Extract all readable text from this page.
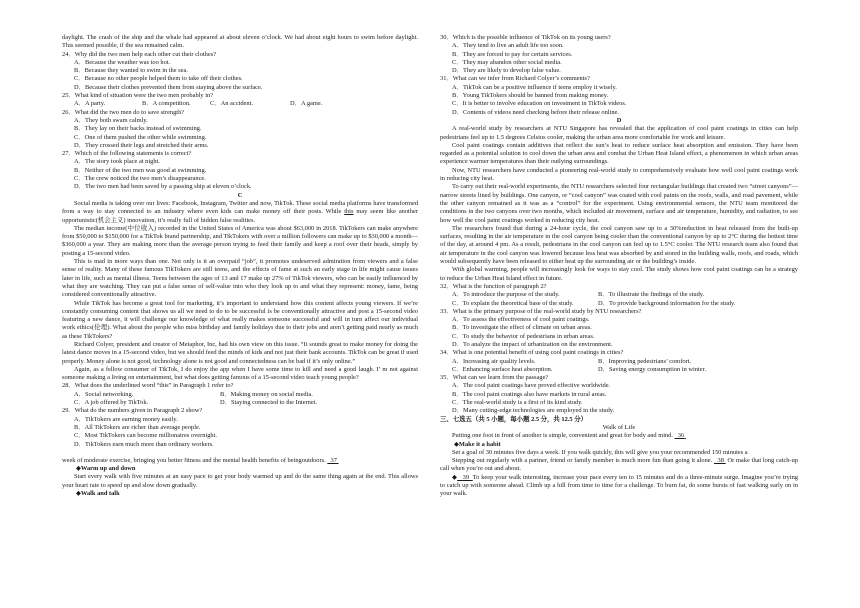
daylight. The crash of the ship and the whale had appeared at about eleven o’clock. We had about eight hours to swim before daylight. This seemed possible, if the sea remained calm.

24．Why did the two men help each other cut their clothes?

A．Because the weather was too hot.

B．Because they wanted to swim in the sea.

C．Because no other people helped them to take off their clothes.

D．Because their clothes prevented them from staying above the surface.

25．What kind of situation were the two men probably in?

A．A party.	B．A competition.	C．An accident.	D．A game.

26．What did the two men do to save strength?

A．They both swam calmly.

B．They lay on their backs instead of swimming.

C．One of them pushed the other while swimming.

D．They crossed their legs and stretched their arms.

27．Which of the following statements is correct?

A．The story took place at night.

B．Neither of the two men was good at swimming.

C．The crew noticed the two men’s disappearance.

D．The two men had been saved by a passing ship at eleven o’clock.

C

Social media is taking over our lives: Facebook, Instagram, Twitter and now, TikTok. These social media platforms have transformed from a way to stay connected to an industry where even kids can make money off their posts. While this may seem like another opportunistic(机会主义) innovation, it’s really full of hidden false realities.

The median income(中位收入) recorded in the United States of America was about $63,000 in 2018. TikTokers can make anywhere from $50,000 to $150,000 for a TikTok brand partnership, and TikTokers with over a million followers can make up to $30,000 a month—$360,000 a year. They are making more than the average person trying to feed their family and keep a roof over their heads, simply by posting a 15-second video.

This is mad in more ways than one. Not only is it an overpaid “job”, it promotes undeserved admiration from viewers and a false sense of reality. Many of these famous TikTokers are still teens, and the effects of fame at such an early stage in life might cause issues later in life, such as mental illness. Teens between the ages of 13 and 17 make up 27% of TikTok viewers, who can be easily influenced by what they are watching. They can put a false sense of self-value into who they look up to and what they represent: money, fame, being considered conventionally attractive.

While TikTok has become a great tool for marketing, it’s important to understand how this content affects young viewers. If we’re constantly consuming content that shows us all we need to do to be successful is be conventionally attractive and post a 15-second video featuring a new dance, it will challenge our knowledge of what really makes someone successful and will in turn affect our individual work ethics(伦理). What about the people who miss birthday and family holidays due to their jobs and aren’t getting paid nearly as much as these TikTokers?

Richard Colyer, president and creator of Metaphor, Inc, had his own view on this issue. “It sounds great to make money for doing the latest dance moves in a 15-second video, but we should feed the minds of kids and not just their bank accounts. TikTok can be great if used properly. Money alone is not good, technology alone is not good and connectedness can be bad if it’s only online.”

Again, as a fellow consumer of TikTok, I do enjoy the app when I have some time to kill and need a good laugh. I’ m not against someone making a living on entertainment, but what does getting famous of a 15-second video teach young people?

28．What does the underlined word “this” in Paragraph 1 refer to?

A．Social networking.	B．Making money on social media.
C．A job offered by TikTok.	D．Staying connected to the Internet.

29．What do the numbers given in Paragraph 2 show?

A．TikTokers are earning money easily.

B．All TikTokers are richer than average people.

C．Most TikTokers can become millionaires overnight.

D．TikTokers earn much more than ordinary workers.

week of moderate exercise, bringing you better fitness and the mental health benefits of beingoutdoors. 37

◆Warm up and down

Start every walk with five minutes at an easy pace to get your body warmed up and do the same thing again at the end. This allows your heart rate to speed up and slow down gradually.

◆Walk and talk

30．Which is the possible influence of TikTok on its young users?

A．They tend to live an adult life too soon.

B．They are forced to pay for certain services.

C．They may abandon other social media.

D．They are likely to develop false value.

31．What can we infer from Richard Colyer’s comments?

A．TikTok can be a positive influence if teens employ it wisely.

B．Young TikTokers should be banned from making money.

C．It is better to involve education on investment in TikTok videos.

D．Contents of videos need checking before their release online.

D

A real-world study by researchers at NTU Singapore has revealed that the application of cool paint coatings in cities can help pedestrians feel up to 1.5 degrees Celsius cooler, making the urban area more comfortable for work and leisure.

Cool paint coatings contain additives that reflect the sun’s heat to reduce surface heat absorption and emission. They have been regarded as a potential solution to cool down the urban area and combat the Urban Heat Island effect, a phenomenon in which urban areas experience warmer temperatures than their outlying surroundings.

Now, NTU researchers have conducted a pioneering real-world study to comprehensively evaluate how well cool paint coatings work in reducing city heat.

To carry out their real-world experiments, the NTU researchers selected four rectangular buildings that created two “street canyons”—narrow streets lined by buildings. One canyon, or “cool canyon” was coated with cool paints on the roofs, walls, and road pavement, while the other canyon remained as it was as a “control” for the experiment. Using environmental sensors, the NTU team monitored the conditions in the two canyons over two months, which included air movement, surface and air temperature, humidity, and radiation, to see how well the cool paint coatings worked in reducing city heat.

The researchers found that during a 24-hour cycle, the cool canyon saw up to a 30%reduction in heat released from the built-up surfaces, resulting in the air temperature in the cool canyon being cooler than the conventional canyon by up to 2°C during the hottest time of the day, at around 4 pm. As a result, pedestrians in the cool canyon can feel up to 1.5°C cooler. The NTU research team also found that air temperature in the cool canyon was lowered because less heat was absorbed by and stored in the building walls, roofs, and roads, which would subsequently have been released to either heat up the surrounding air or the building’s inside.

With global warming, people will increasingly look for ways to stay cool. The study shows how cool paint coatings can be a strategy to reduce the Urban Heat Island effect in future.

32．What is the function of paragraph 2?

A．To introduce the purpose of the study.	B．To illustrate the findings of the study.
C．To explain the theoretical base of the study.	D．To provide background information for the study.

33．What is the primary purpose of the real-world study by NTU researchers?

A．To assess the effectiveness of cool paint coatings.

B．To investigate the effect of climate on urban areas.

C．To study the behavior of pedestrians in urban areas.

D．To analyze the impact of urbanization on the environment.

34．What is one potential benefit of using cool paint coatings in cities?

A．Increasing air quality levels.	B．Improving pedestrians’ comfort.
C．Enhancing surface heat absorption.	D．Saving energy consumption in winter.

35．What can we learn from the passage?

A．The cool paint coatings have proved effective worldwide.

B．The cool paint coatings also have markets in rural areas.

C．The real-world study is a first of its kind study.

D．Many cutting-edge technologies are employed in the study.

三、七选五（共 5 小题，每小题 2.5 分，共 12.5 分）

Walk of Life

Putting one foot in front of another is simple, convenient and great for body and mind. 36

◆Make it a habit

Set a goal of 30 minutes five days a week. If you walk quickly, this will give you your recommended 150 minutes a

Stepping out regularly with a partner, friend or family member is much more fun than going it alone. 38 Or make that long catch-up call when you’re out and about.

◆ 39 To keep your walk interesting, increase your pace every ten to 15 minutes and do a three-minute surge. Imagine you’re trying to catch up with someone ahead. Climb up a hill from time to time for a challenge. To burn fat, do some bursts of fast walking early on in your walk.
